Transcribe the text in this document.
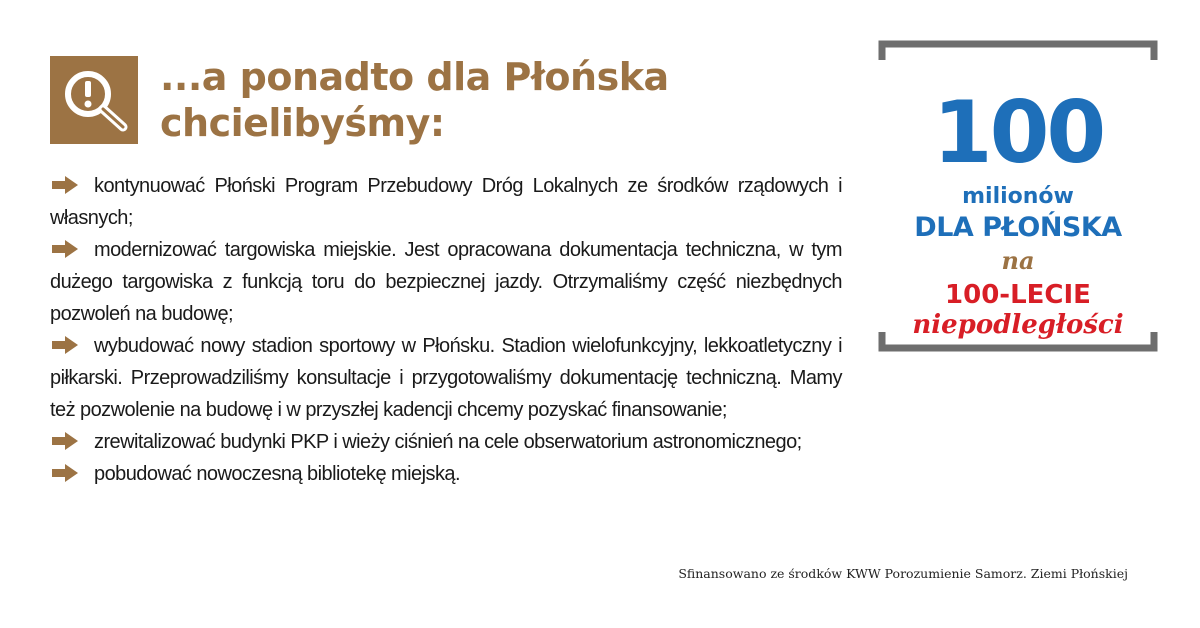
...a ponadto dla Płońska
chcielibyśmy:
kontynuować Płoński Program Przebudowy Dróg Lokalnych ze środków rządowych i własnych;
modernizować targowiska miejskie. Jest opracowana dokumentacja techniczna, w tym dużego targowiska z funkcją toru do bezpiecznej jazdy. Otrzymaliśmy część niezbędnych pozwoleń na budowę;
wybudować nowy stadion sportowy w Płońsku. Stadion wielofunkcyjny, lekkoatletyczny i piłkarski. Przeprowadziliśmy konsultacje i przygotowaliśmy dokumentację techniczną. Mamy też pozwolenie na budowę i w przyszłej kadencji chcemy pozyskać finansowanie;
zrewitalizować budynki PKP i wieży ciśnień na cele obserwatorium astronomicznego;
pobudować nowoczesną bibliotekę miejską.
100
milionów
DLA PŁOŃSKA
na
100-LECIE
niepodległości
Sfinansowano ze środków KWW Porozumienie Samorz. Ziemi Płońskiej
